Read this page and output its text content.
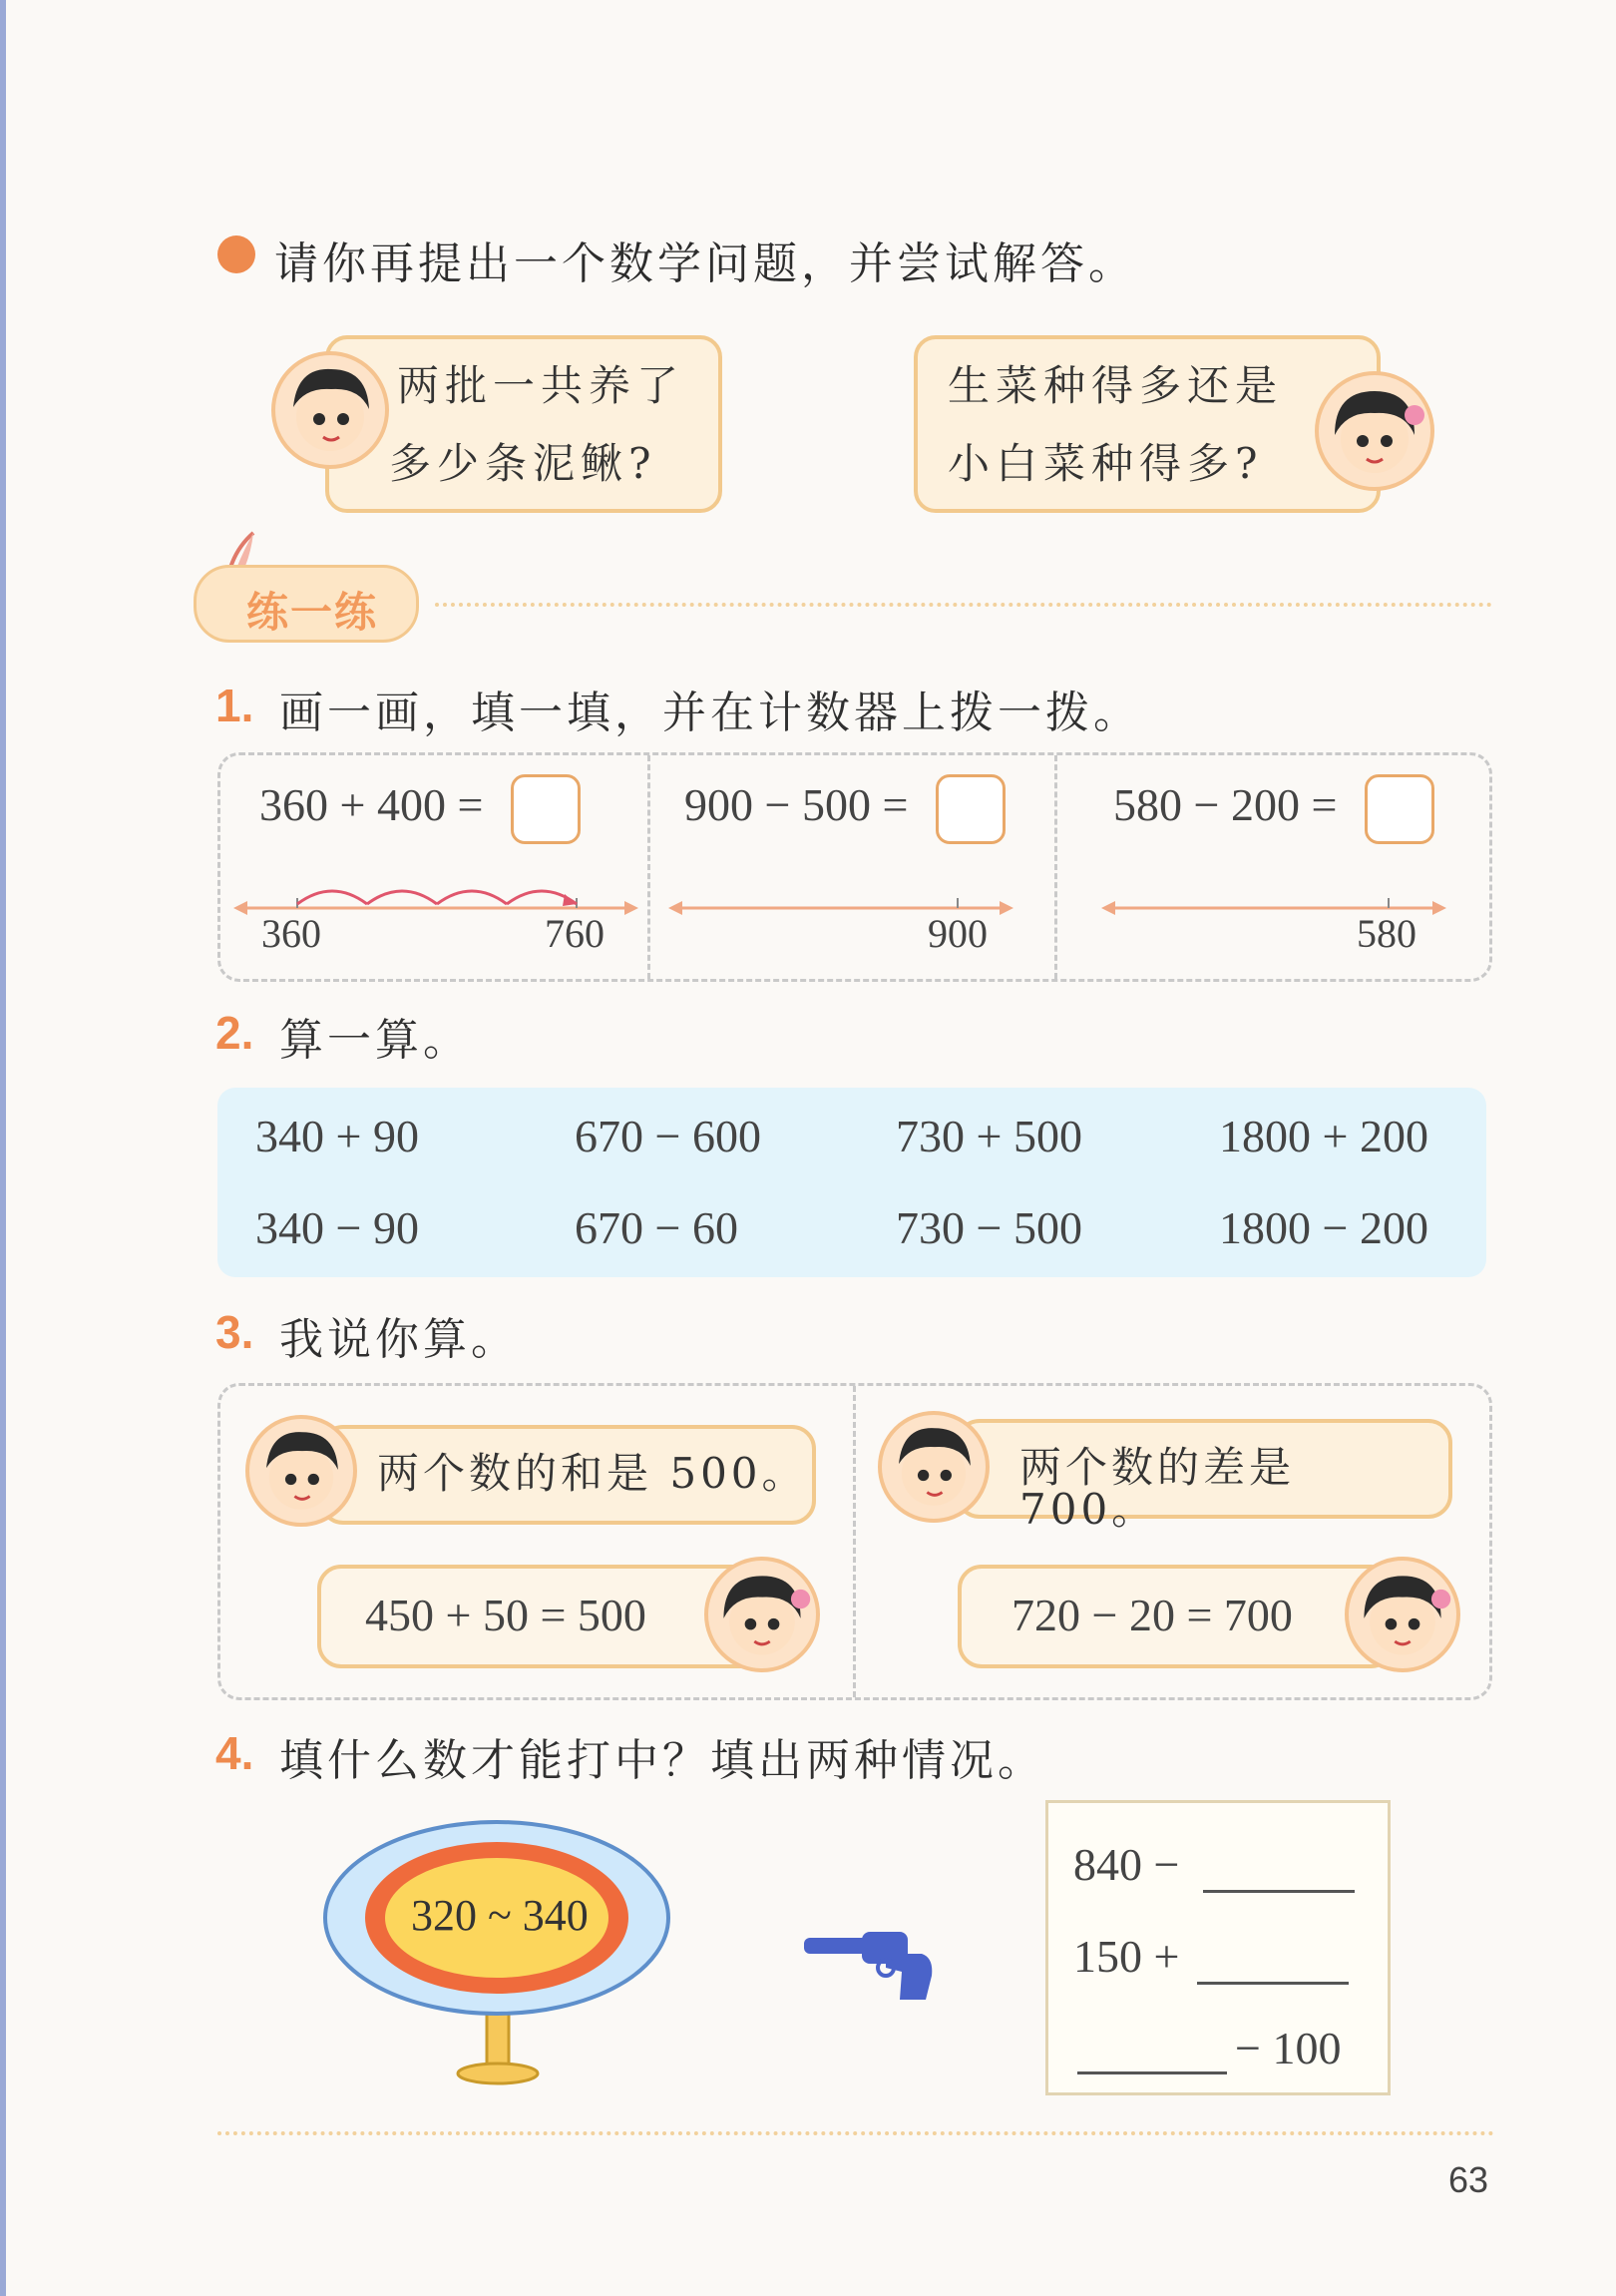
请你再提出一个数学问题，并尝试解答。
两批一共养了
多少条泥鳅?
生菜种得多还是
小白菜种得多?
练一练
1. 画一画，填一填，并在计数器上拨一拨。
360 + 400 =	900 − 500 =	580 − 200 =
360	760	900	580
2. 算一算。
340 + 90	670 − 600	730 + 500	1800 + 200
340 − 90	670 − 60	730 − 500	1800 − 200
3. 我说你算。
两个数的和是 500。
450 + 50 = 500
两个数的差是 700。
720 − 20 = 700
4. 填什么数才能打中？填出两种情况。
320 ~ 340
840 −
150 +
− 100
63
